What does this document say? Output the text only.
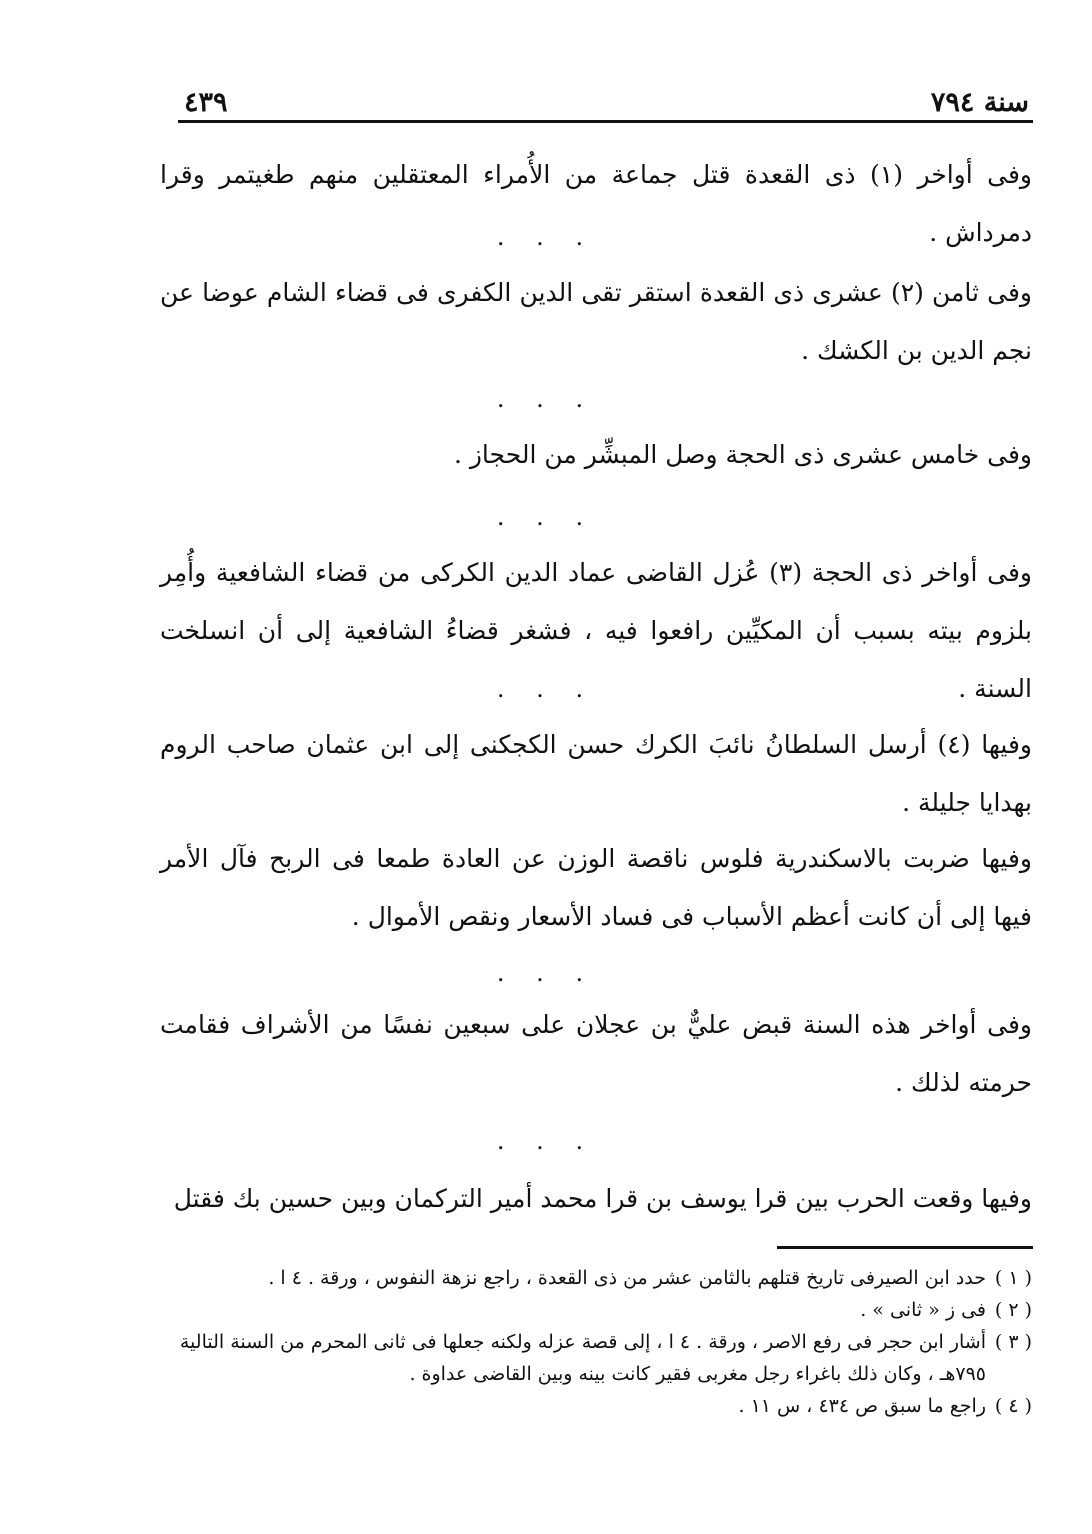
٤٣٩	سنة ٧٩٤
وفى أواخر (١) ذى القعدة قتل جماعة من الأُمراء المعتقلين منهم طغيتمر وقرا دمرداش .
. . .
وفى ثامن (٢) عشرى ذى القعدة استقر تقى الدين الكفرى فى قضاء الشام عوضا عن نجم الدين بن الكشك .
. . .
وفى خامس عشرى ذى الحجة وصل المبشِّر من الحجاز .
. . .
وفى أواخر ذى الحجة (٣) عُزل القاضى عماد الدين الكركى من قضاء الشافعية وأُمِر بلزوم بيته بسبب أن المكيِّين رافعوا فيه ، فشغر قضاءُ الشافعية إلى أن انسلخت السنة .
. . .
وفيها (٤) أرسل السلطانُ نائبَ الكرك حسن الكجكنى إلى ابن عثمان صاحب الروم بهدايا جليلة .
وفيها ضربت بالاسكندرية فلوس ناقصة الوزن عن العادة طمعا فى الربح فآل الأمر فيها إلى أن كانت أعظم الأسباب فى فساد الأسعار ونقص الأموال .
. . .
وفى أواخر هذه السنة قبض عليٌّ بن عجلان على سبعين نفسًا من الأشراف فقامت حرمته لذلك .
. . .
وفيها وقعت الحرب بين قرا يوسف بن قرا محمد أمير التركمان وبين حسين بك فقتل
( ١ )
حدد ابن الصيرفى تاريخ قتلهم بالثامن عشر من ذى القعدة ، راجع نزهة النفوس ، ورقة . ٤ ا .
( ٢ )
فى ز « ثانى » .
( ٣ )
أشار ابن حجر فى رفع الاصر ، ورقة . ٤ ا ، إلى قصة عزله ولكنه جعلها فى ثانى المحرم من السنة التالية ٧٩٥هـ ، وكان ذلك باغراء رجل مغربى فقير كانت بينه وبين القاضى عداوة .
( ٤ )
راجع ما سبق ص ٤٣٤ ، س ١١ .
